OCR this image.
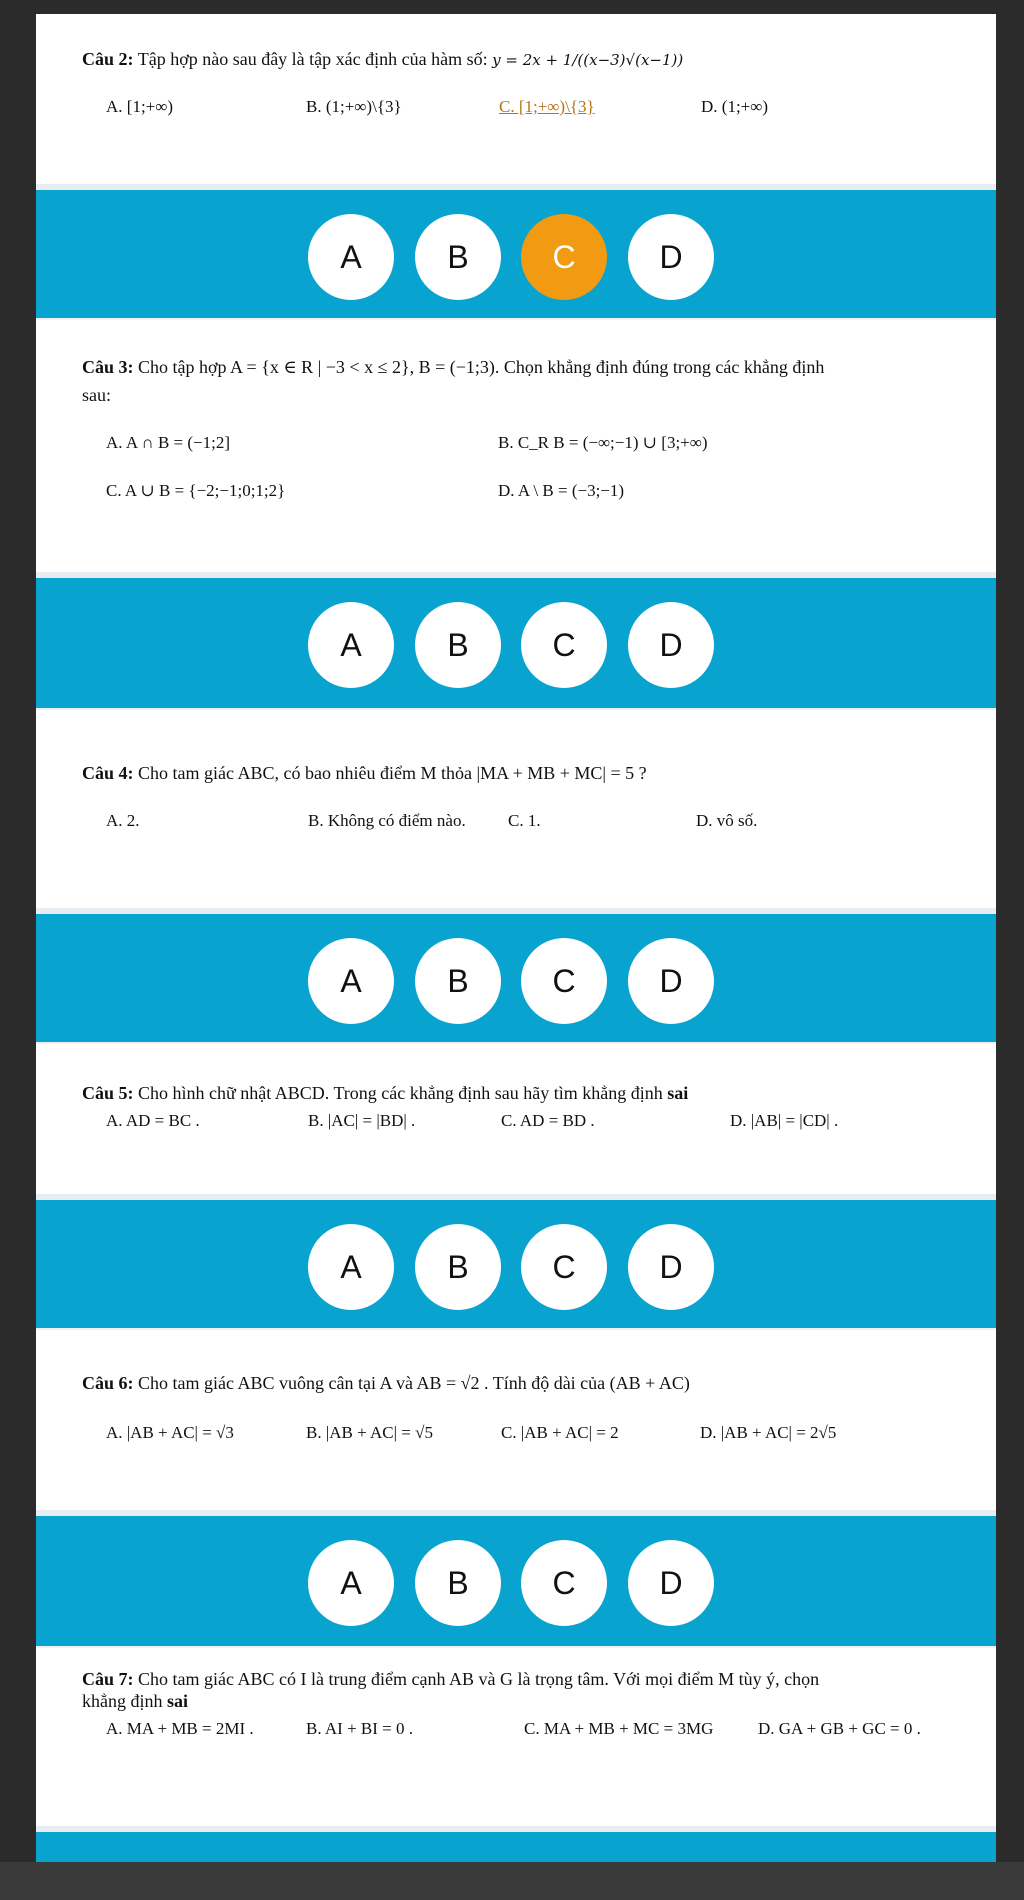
Câu 2: Tập hợp nào sau đây là tập xác định của hàm số: y = 2x + 1/((x−3)√(x−1))
A. [1;+∞)	B. (1;+∞)\{3}	C. [1;+∞)\{3}	D. (1;+∞)
A	B	C	D
Câu 3: Cho tập hợp A = {x ∈ R | −3 < x ≤ 2}, B = (−1;3). Chọn khẳng định đúng trong các khẳng định
sau:
A. A ∩ B = (−1;2]	B. C_R B = (−∞;−1) ∪ [3;+∞)
C. A ∪ B = {−2;−1;0;1;2}	D. A \ B = (−3;−1)
A	B	C	D
Câu 4: Cho tam giác ABC, có bao nhiêu điểm M thỏa |MA + MB + MC| = 5 ?
A. 2.	B. Không có điểm nào. C. 1.	D. vô số.
A	B	C	D
Câu 5: Cho hình chữ nhật ABCD. Trong các khẳng định sau hãy tìm khẳng định sai
A. AD = BC .	B. |AC| = |BD| .	C. AD = BD .	D. |AB| = |CD| .
A	B	C	D
Câu 6: Cho tam giác ABC vuông cân tại A và AB = √2 . Tính độ dài của (AB + AC)
A. |AB + AC| = √3	B. |AB + AC| = √5	C. |AB + AC| = 2	D. |AB + AC| = 2√5
A	B	C	D
Câu 7: Cho tam giác ABC có I là trung điểm cạnh AB và G là trọng tâm. Với mọi điểm M tùy ý, chọn
khẳng định sai
A. MA + MB = 2MI .	B. AI + BI = 0 .	C. MA + MB + MC = 3MG	D. GA + GB + GC = 0 .
